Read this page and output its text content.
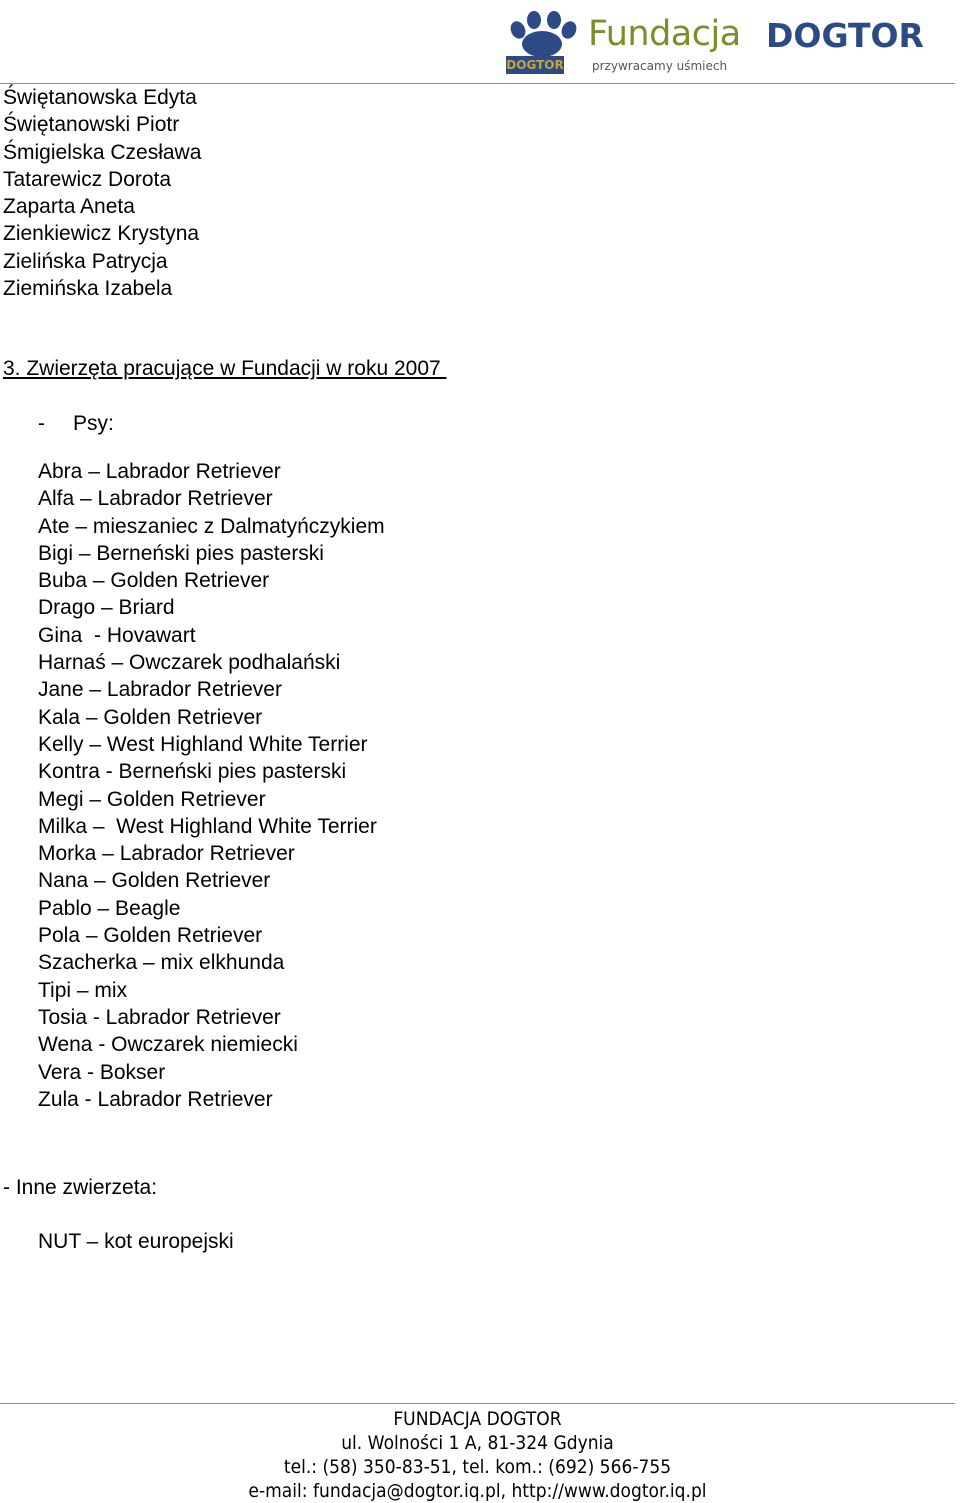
DOGTOR
Fundacja DOGTOR
przywracamy uśmiech
Świętanowska Edyta
Świętanowski Piotr
Śmigielska Czesława
Tatarewicz Dorota
Zaparta Aneta
Zienkiewicz Krystyna
Zielińska Patrycja
Ziemińska Izabela
3. Zwierzęta pracujące w Fundacji w roku 2007
- Psy:
Abra – Labrador Retriever
Alfa – Labrador Retriever
Ate – mieszaniec z Dalmatyńczykiem
Bigi – Berneński pies pasterski
Buba – Golden Retriever
Drago – Briard
Gina  - Hovawart
Harnaś – Owczarek podhalański
Jane – Labrador Retriever
Kala – Golden Retriever
Kelly – West Highland White Terrier
Kontra - Berneński pies pasterski
Megi – Golden Retriever
Milka –  West Highland White Terrier
Morka – Labrador Retriever
Nana – Golden Retriever
Pablo – Beagle
Pola – Golden Retriever
Szacherka – mix elkhunda
Tipi – mix
Tosia - Labrador Retriever
Wena - Owczarek niemiecki
Vera - Bokser
Zula - Labrador Retriever
- Inne zwierzeta:
NUT – kot europejski
FUNDACJA DOGTOR
ul. Wolności 1 A, 81-324 Gdynia
tel.: (58) 350-83-51, tel. kom.: (692) 566-755
e-mail: fundacja@dogtor.iq.pl, http://www.dogtor.iq.pl
